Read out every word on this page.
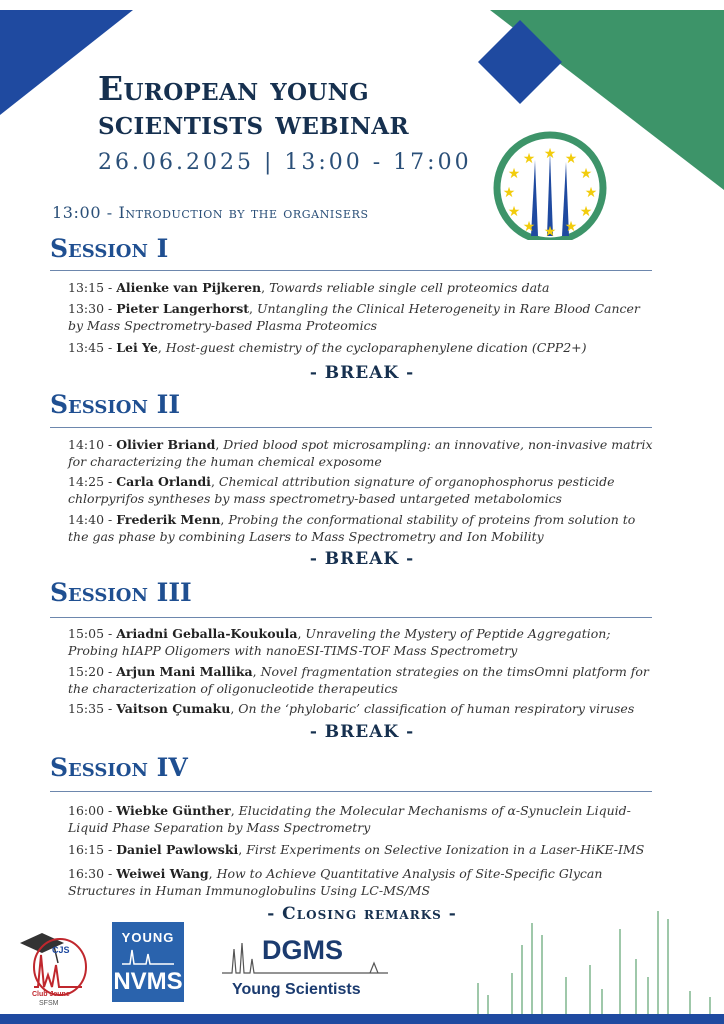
★ ★
★
★
★
★
★
★
★
★
★
★
European young
scientists webinar
26.06.2025 | 13:00 - 17:00
13:00 - Introduction by the organisers
Session I
13:15 - Alienke van Pijkeren, Towards reliable single cell proteomics data
13:30 - Pieter Langerhorst, Untangling the Clinical Heterogeneity in Rare Blood Cancer by Mass Spectrometry-based Plasma Proteomics
13:45 - Lei Ye, Host-guest chemistry of the cycloparaphenylene dication (CPP2+)
- BREAK -
Session II
14:10 - Olivier Briand, Dried blood spot microsampling: an innovative, non-invasive matrix for characterizing the human chemical exposome
14:25 - Carla Orlandi, Chemical attribution signature of organophosphorus pesticide chlorpyrifos syntheses by mass spectrometry-based untargeted metabolomics
14:40 - Frederik Menn, Probing the conformational stability of proteins from solution to the gas phase by combining Lasers to Mass Spectrometry and Ion Mobility
- BREAK -
Session III
15:05 - Ariadni Geballa-Koukoula, Unraveling the Mystery of Peptide Aggregation; Probing hIAPP Oligomers with nanoESI-TIMS-TOF Mass Spectrometry
15:20 - Arjun Mani Mallika, Novel fragmentation strategies on the timsOmni platform for the characterization of oligonucleotide therapeutics
15:35 - Vaitson Çumaku, On the ‘phylobaric’ classification of human respiratory viruses
- BREAK -
Session IV
16:00 - Wiebke Günther, Elucidating the Molecular Mechanisms of α-Synuclein Liquid-Liquid Phase Separation by Mass Spectrometry
16:15 - Daniel Pawlowski, First Experiments on Selective Ionization in a Laser-HiKE-IMS
16:30 - Weiwei Wang, How to Achieve Quantitative Analysis of Site-Specific Glycan Structures in Human Immunoglobulins Using LC-MS/MS
- Closing remarks -
CJS
Club Jeune
SFSM
YOUNG
NVMS
DGMS
Young Scientists
